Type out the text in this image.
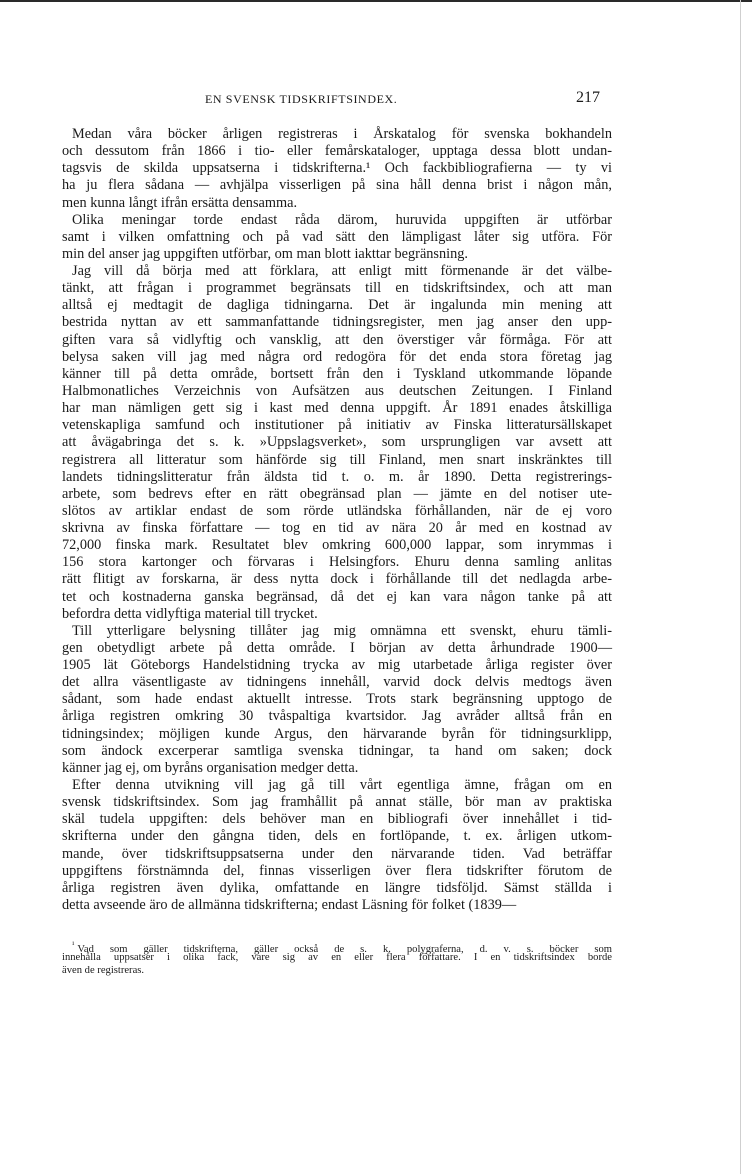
EN SVENSK TIDSKRIFTSINDEX.	217
Medan våra böcker årligen registreras i Årskatalog för svenska bokhandeln
och dessutom från 1866 i tio- eller femårskataloger, upptaga dessa blott undan-
tagsvis de skilda uppsatserna i tidskrifterna.¹ Och fackbibliografierna — ty vi
ha ju flera sådana — avhjälpa visserligen på sina håll denna brist i någon mån,
men kunna långt ifrån ersätta densamma.
Olika meningar torde endast råda därom, huruvida uppgiften är utförbar
samt i vilken omfattning och på vad sätt den lämpligast låter sig utföra. För
min del anser jag uppgiften utförbar, om man blott iakttar begränsning.
Jag vill då börja med att förklara, att enligt mitt förmenande är det välbe-
tänkt, att frågan i programmet begränsats till en tidskriftsindex, och att man
alltså ej medtagit de dagliga tidningarna. Det är ingalunda min mening att
bestrida nyttan av ett sammanfattande tidningsregister, men jag anser den upp-
giften vara så vidlyftig och vansklig, att den överstiger vår förmåga. För att
belysa saken vill jag med några ord redogöra för det enda stora företag jag
känner till på detta område, bortsett från den i Tyskland utkommande löpande
Halbmonatliches Verzeichnis von Aufsätzen aus deutschen Zeitungen. I Finland
har man nämligen gett sig i kast med denna uppgift. År 1891 enades åtskilliga
vetenskapliga samfund och institutioner på initiativ av Finska litteratursällskapet
att åvägabringa det s. k. »Uppslagsverket», som ursprungligen var avsett att
registrera all litteratur som hänförde sig till Finland, men snart inskränktes till
landets tidningslitteratur från äldsta tid t. o. m. år 1890. Detta registrerings-
arbete, som bedrevs efter en rätt obegränsad plan — jämte en del notiser ute-
slötos av artiklar endast de som rörde utländska förhållanden, när de ej voro
skrivna av finska författare — tog en tid av nära 20 år med en kostnad av
72,000 finska mark. Resultatet blev omkring 600,000 lappar, som inrymmas i
156 stora kartonger och förvaras i Helsingfors. Ehuru denna samling anlitas
rätt flitigt av forskarna, är dess nytta dock i förhållande till det nedlagda arbe-
tet och kostnaderna ganska begränsad, då det ej kan vara någon tanke på att
befordra detta vidlyftiga material till trycket.
Till ytterligare belysning tillåter jag mig omnämna ett svenskt, ehuru tämli-
gen obetydligt arbete på detta område. I början av detta århundrade 1900—
1905 lät Göteborgs Handelstidning trycka av mig utarbetade årliga register över
det allra väsentligaste av tidningens innehåll, varvid dock delvis medtogs även
sådant, som hade endast aktuellt intresse. Trots stark begränsning upptogo de
årliga registren omkring 30 tvåspaltiga kvartsidor. Jag avråder alltså från en
tidningsindex; möjligen kunde Argus, den härvarande byrån för tidningsurklipp,
som ändock excerperar samtliga svenska tidningar, ta hand om saken; dock
känner jag ej, om byråns organisation medger detta.
Efter denna utvikning vill jag gå till vårt egentliga ämne, frågan om en
svensk tidskriftsindex. Som jag framhållit på annat ställe, bör man av praktiska
skäl tudela uppgiften: dels behöver man en bibliografi över innehållet i tid-
skrifterna under den gångna tiden, dels en fortlöpande, t. ex. årligen utkom-
mande, över tidskriftsuppsatserna under den närvarande tiden. Vad beträffar
uppgiftens förstnämnda del, finnas visserligen över flera tidskrifter förutom de
årliga registren även dylika, omfattande en längre tidsföljd. Sämst ställda i
detta avseende äro de allmänna tidskrifterna; endast Läsning för folket (1839—
$^{^1}$ Vad som gäller tidskrifterna, gäller också de s. k. polygraferna, d. v. s. böcker som
innehålla uppsatser i olika fack, vare sig av en eller flera författare. I en tidskriftsindex borde
även de registreras.
